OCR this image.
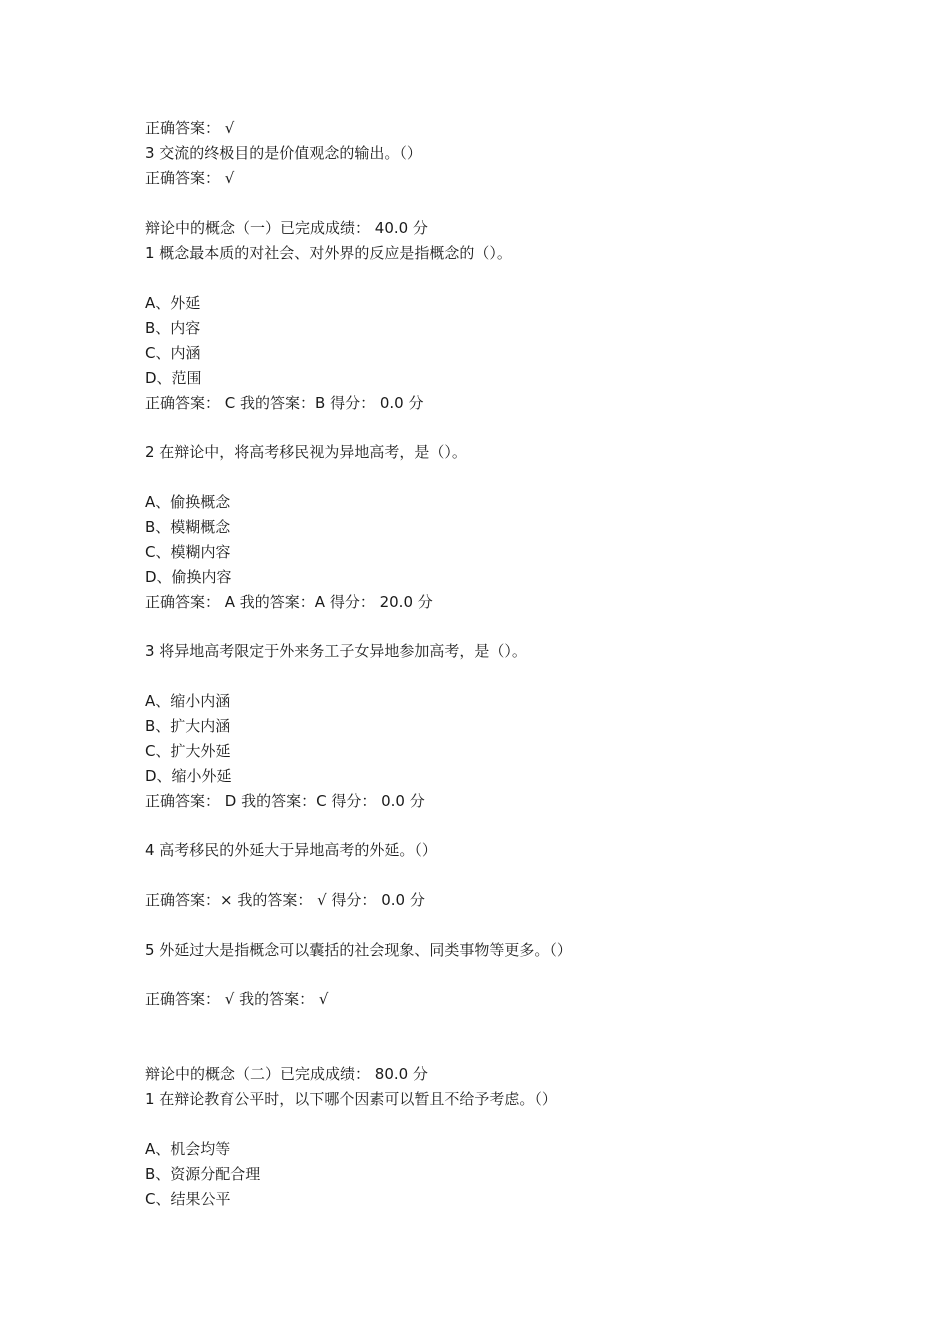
正确答案： √
3 交流的终极目的是价值观念的输出。（）
正确答案： √
辩论中的概念（一）已完成成绩： 40.0 分
1 概念最本质的对社会、对外界的反应是指概念的（）。
A、外延
B、内容
C、内涵
D、范围
正确答案： C 我的答案：B 得分： 0.0 分
2 在辩论中，将高考移民视为异地高考，是（）。
A、偷换概念
B、模糊概念
C、模糊内容
D、偷换内容
正确答案： A 我的答案：A 得分： 20.0 分
3 将异地高考限定于外来务工子女异地参加高考，是（）。
A、缩小内涵
B、扩大内涵
C、扩大外延
D、缩小外延
正确答案： D 我的答案：C 得分： 0.0 分
4 高考移民的外延大于异地高考的外延。（）
正确答案：× 我的答案： √ 得分： 0.0 分
5 外延过大是指概念可以囊括的社会现象、同类事物等更多。（）
正确答案： √ 我的答案： √
辩论中的概念（二）已完成成绩： 80.0 分
1 在辩论教育公平时，以下哪个因素可以暂且不给予考虑。（）
A、机会均等
B、资源分配合理
C、结果公平
